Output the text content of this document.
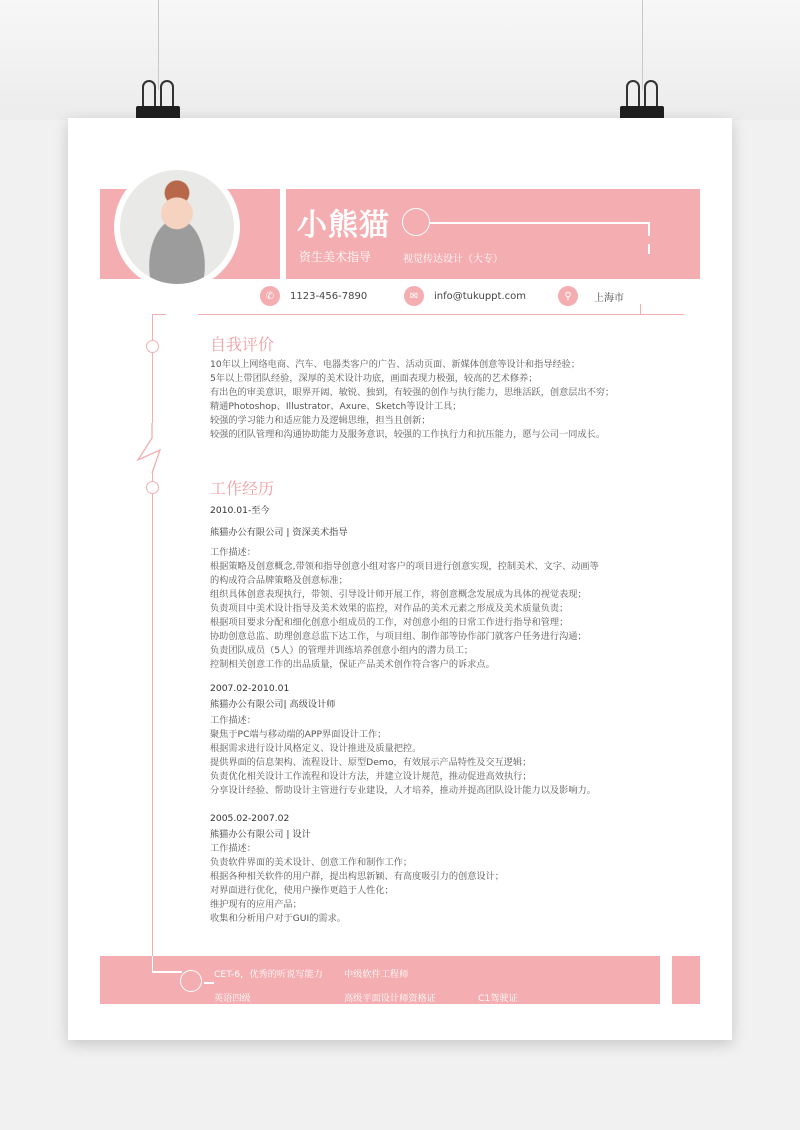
小熊猫
资生美术指导	视觉传达设计（大专）
✆	1123-456-7890	✉	info@tukuppt.com	⚲	上海市
自我评价
10年以上网络电商、汽车、电器类客户的广告、活动页面、新媒体创意等设计和指导经验；
5年以上带团队经验，深厚的美术设计功底，画面表现力极强，较高的艺术修养；
有出色的审美意识，眼界开阔、敏锐、独到，有较强的创作与执行能力，思维活跃，创意层出不穷；
精通Photoshop、Illustrator、Axure、Sketch等设计工具；
较强的学习能力和适应能力及逻辑思维，担当且创新；
较强的团队管理和沟通协助能力及服务意识，较强的工作执行力和抗压能力，愿与公司一同成长。
工作经历
2010.01-至今
熊猫办公有限公司 | 资深美术指导
工作描述：
根据策略及创意概念,带领和指导创意小组对客户的项目进行创意实现，控制美术、文字、动画等
的构成符合品牌策略及创意标准；
组织具体创意表现执行，带领、引导设计师开展工作，将创意概念发展成为具体的视觉表现；
负责项目中美术设计指导及美术效果的监控，对作品的美术元素之形成及美术质量负责；
根据项目要求分配和细化创意小组成员的工作，对创意小组的日常工作进行指导和管理；
协助创意总监、助理创意总监下达工作，与项目组、制作部等协作部门就客户任务进行沟通；
负责团队成员（5人）的管理并训练培养创意小组内的潜力员工；
控制相关创意工作的出品质量，保证产品美术创作符合客户的诉求点。
2007.02-2010.01
熊猫办公有限公司| 高级设计师
工作描述：
聚焦于PC端与移动端的APP界面设计工作；
根据需求进行设计风格定义、设计推进及质量把控。
提供界面的信息架构、流程设计、原型Demo，有效展示产品特性及交互逻辑；
负责优化相关设计工作流程和设计方法，并建立设计规范，推动促进高效执行；
分享设计经验、帮助设计主管进行专业建设，人才培养，推动并提高团队设计能力以及影响力。
2005.02-2007.02
熊猫办公有限公司 | 设计
工作描述：
负责软件界面的美术设计、创意工作和制作工作；
根据各种相关软件的用户群，提出构思新颖、有高度吸引力的创意设计；
对界面进行优化，使用户操作更趋于人性化；
维护现有的应用产品；
收集和分析用户对于GUI的需求。
CET-6，优秀的听说写能力 中级软件工程师
英语四级	高级平面设计师资格证	C1驾驶证
